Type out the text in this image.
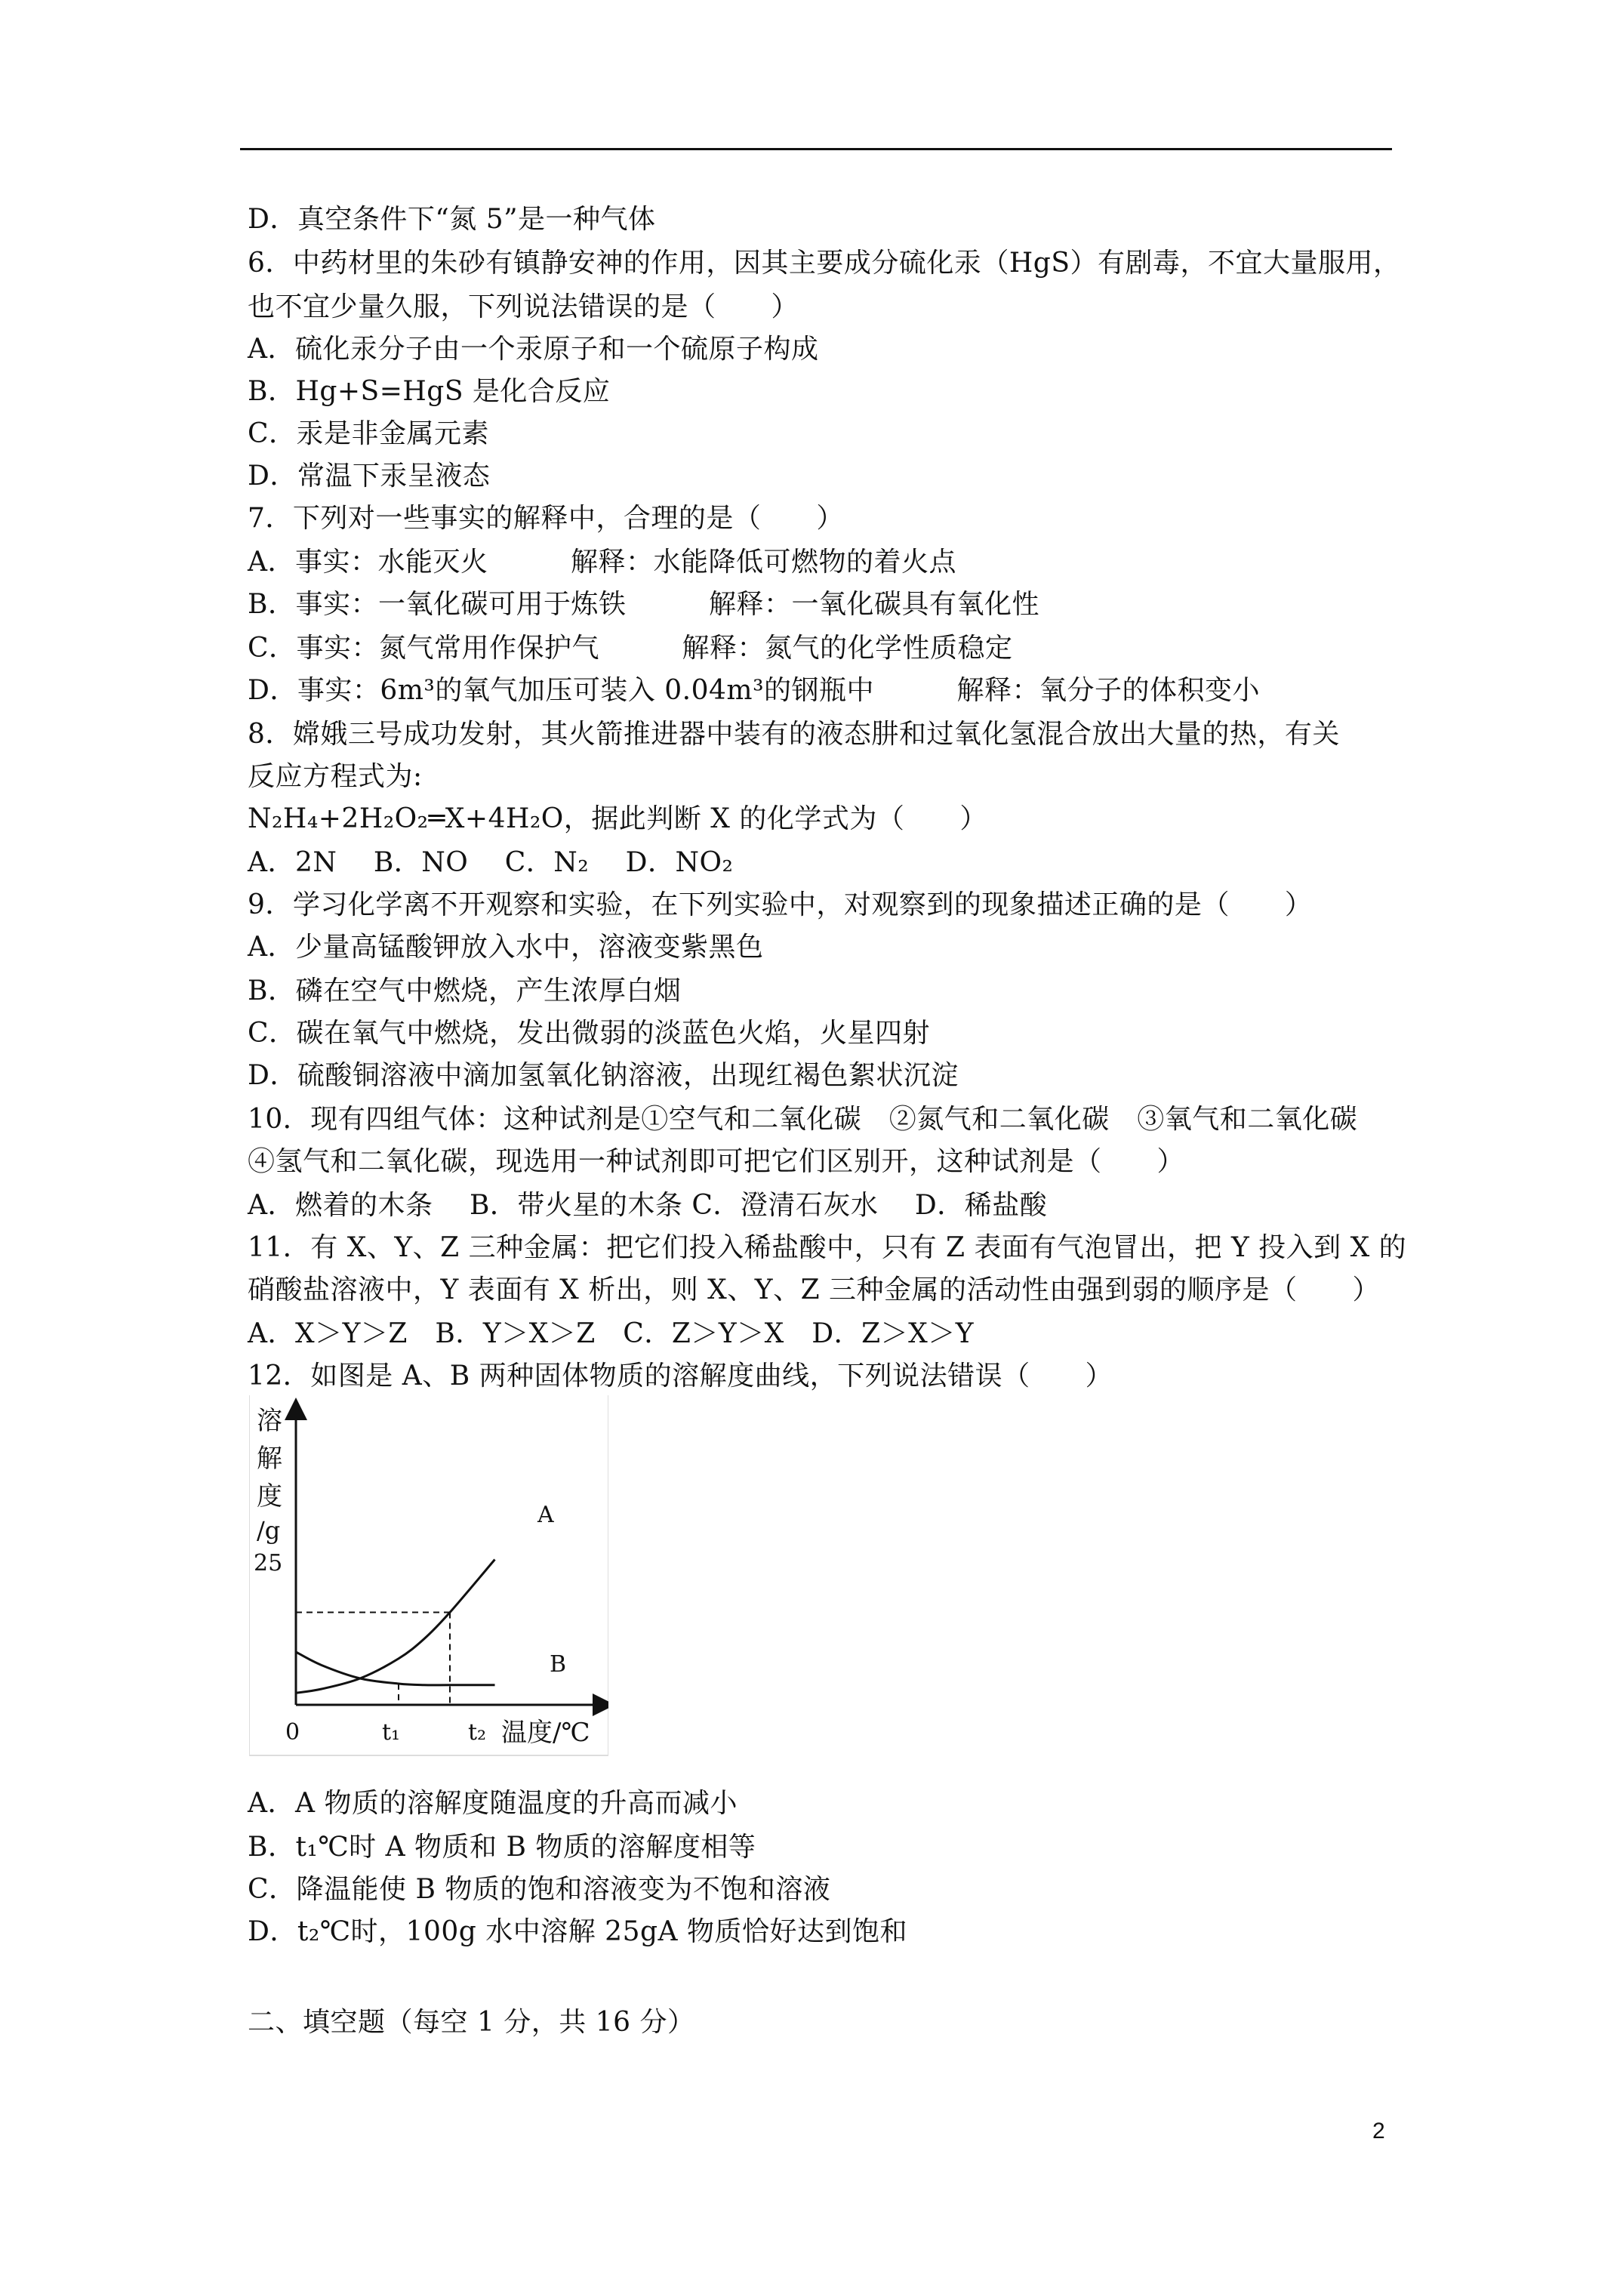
D．真空条件下“氮 5”是一种气体
6．中药材里的朱砂有镇静安神的作用，因其主要成分硫化汞（HgS）有剧毒，不宜大量服用，
也不宜少量久服，下列说法错误的是（　　）
A．硫化汞分子由一个汞原子和一个硫原子构成
B．Hg+S=HgS 是化合反应
C．汞是非金属元素
D．常温下汞呈液态
7．下列对一些事实的解释中，合理的是（　　）
A．事实：水能灭火　　　解释：水能降低可燃物的着火点
B．事实：一氧化碳可用于炼铁　　　解释：一氧化碳具有氧化性
C．事实：氮气常用作保护气　　　解释：氮气的化学性质稳定
D．事实：6m³的氧气加压可装入 0.04m³的钢瓶中　　　解释：氧分子的体积变小
8．嫦娥三号成功发射，其火箭推进器中装有的液态肼和过氧化氢混合放出大量的热，有关
反应方程式为:
N₂H₄+2H₂O₂═X+4H₂O，据此判断 X 的化学式为（　　）
A．2N　 B．NO　 C．N₂　 D．NO₂
9．学习化学离不开观察和实验，在下列实验中，对观察到的现象描述正确的是（　　）
A．少量高锰酸钾放入水中，溶液变紫黑色
B．磷在空气中燃烧，产生浓厚白烟
C．碳在氧气中燃烧，发出微弱的淡蓝色火焰，火星四射
D．硫酸铜溶液中滴加氢氧化钠溶液，出现红褐色絮状沉淀
10．现有四组气体：这种试剂是①空气和二氧化碳　②氮气和二氧化碳　③氧气和二氧化碳
④氢气和二氧化碳，现选用一种试剂即可把它们区别开，这种试剂是（　　）
A．燃着的木条　 B．带火星的木条 C．澄清石灰水　 D．稀盐酸
11．有 X、Y、Z 三种金属：把它们投入稀盐酸中，只有 Z 表面有气泡冒出，把 Y 投入到 X 的
硝酸盐溶液中，Y 表面有 X 析出，则 X、Y、Z 三种金属的活动性由强到弱的顺序是（　　）
A．X＞Y＞Z　B．Y＞X＞Z　C．Z＞Y＞X　D．Z＞X＞Y
12．如图是 A、B 两种固体物质的溶解度曲线，下列说法错误（　　）
溶
解
度
/g
25
A
B
0	t₁	t₂ 温度/℃
A．A 物质的溶解度随温度的升高而减小
B．t₁℃时 A 物质和 B 物质的溶解度相等
C．降温能使 B 物质的饱和溶液变为不饱和溶液
D．t₂℃时，100g 水中溶解 25gA 物质恰好达到饱和
二、填空题（每空 1 分，共 16 分）
2
